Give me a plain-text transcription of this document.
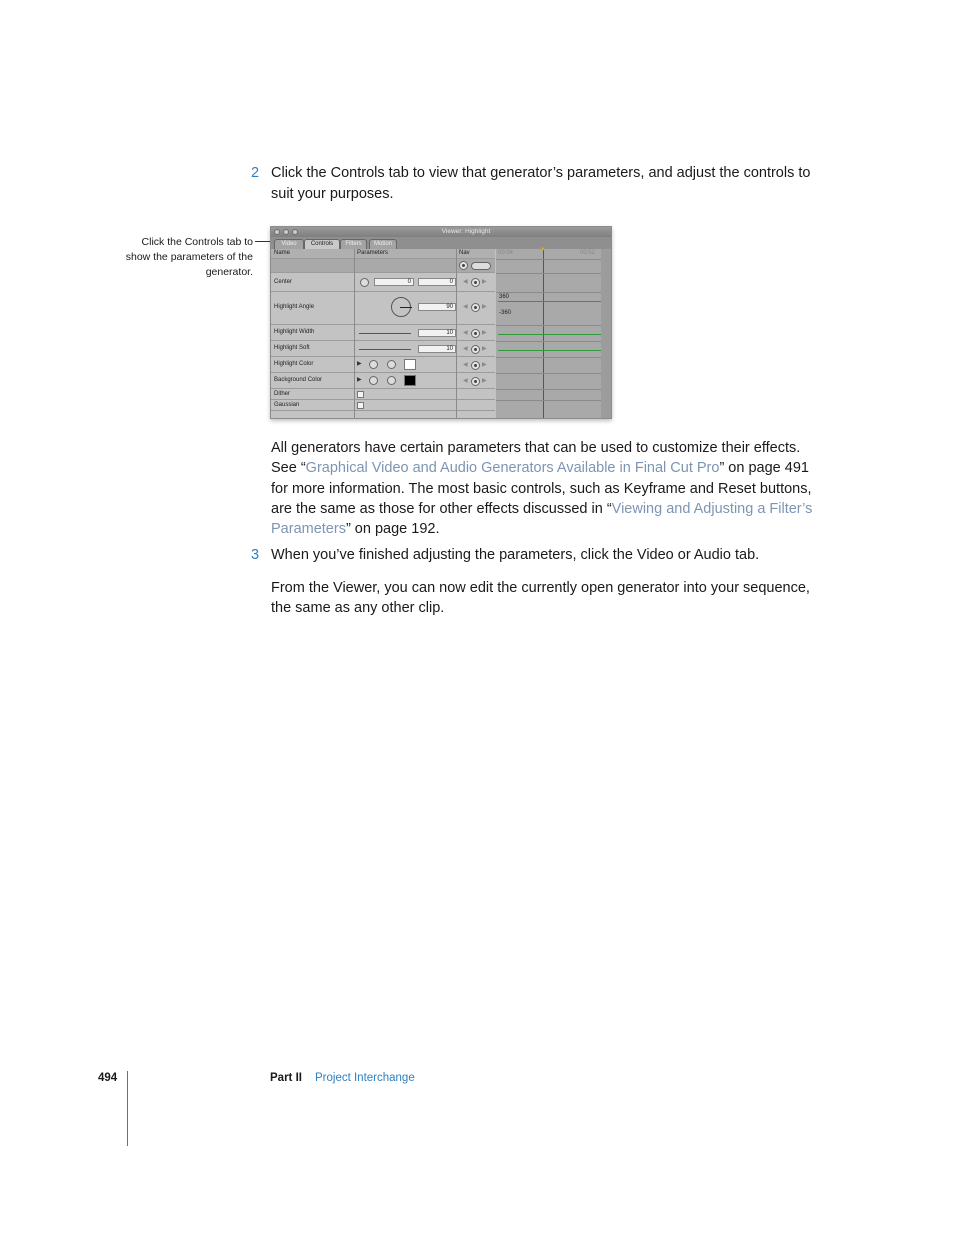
2 Click the Controls tab to view that generator’s parameters, and adjust the controls to suit your purposes.
Click the Controls tab to show the parameters of the generator.
Viewer: Highlight
Video	Controls	Filters	Motion
Name	Parameters	Nav
Center	0	0	◀ ▶
Highlight Angle	90	◀ ▶
Highlight Width	10	◀ ▶
Highlight Soft	10	◀ ▶
Highlight Color	▶	◀ ▶
Background Color	▶	◀ ▶
Dither
Gaussian
00:04	00:52
▼
360
-360
All generators have certain parameters that can be used to customize their effects. See “Graphical Video and Audio Generators Available in Final Cut Pro” on page 491 for more information. The most basic controls, such as Keyframe and Reset buttons, are the same as those for other effects discussed in “Viewing and Adjusting a Filter’s Parameters” on page 192.
3 When you’ve finished adjusting the parameters, click the Video or Audio tab.
From the Viewer, you can now edit the currently open generator into your sequence, the same as any other clip.
494	Part II Project Interchange
